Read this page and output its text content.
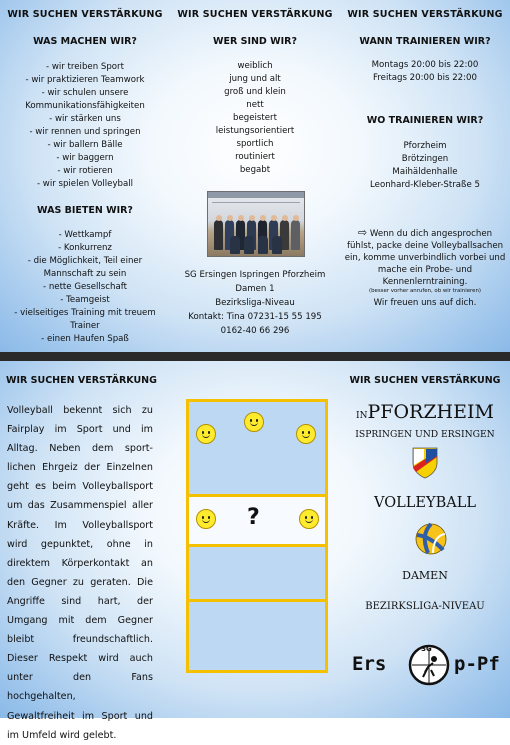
WIR SUCHEN VERSTÄRKUNG
WAS MACHEN WIR?
- wir treiben Sport
- wir praktizieren Teamwork
- wir schulen unsere
Kommunikationsfähigkeiten
- wir stärken uns
- wir rennen und springen
- wir ballern Bälle
- wir baggern
- wir rotieren
- wir spielen Volleyball
WAS BIETEN WIR?
- Wettkampf
- Konkurrenz
- die Möglichkeit, Teil einer
Mannschaft zu sein
- nette Gesellschaft
- Teamgeist
- vielseitiges Training mit treuem
Trainer
- einen Haufen Spaß
WIR SUCHEN VERSTÄRKUNG
WER SIND WIR?
weiblich
jung und alt
groß und klein
nett
begeistert
leistungsorientiert
sportlich
routiniert
begabt
SG Ersingen Ispringen Pforzheim
Damen 1
Bezirksliga-Niveau
Kontakt: Tina 07231-15 55 195
0162-40 66 296
WIR SUCHEN VERSTÄRKUNG
WANN TRAINIEREN WIR?
Montags 20:00 bis 22:00
Freitags 20:00 bis 22:00
WO TRAINIEREN WIR?
Pforzheim
Brötzingen
Maihäldenhalle
Leonhard-Kleber-Straße 5
⇨ Wenn du dich angesprochen
fühlst, packe deine Volleyballsachen
ein, komme unverbindlich vorbei und
mache ein Probe- und
Kennenlerntraining.
(besser vorher anrufen, ob wir trainieren)
Wir freuen uns auf dich.
WIR SUCHEN VERSTÄRKUNG
Volleyball bekennt sich zu
Fairplay im Sport und im
Alltag. Neben dem sport-
lichen Ehrgeiz der Einzelnen
geht es beim Volleyballsport
um das Zusammenspiel aller
Kräfte. Im Volleyballsport
wird gepunktet, ohne in
direktem Körperkontakt an
den Gegner zu geraten. Die
Angriffe sind hart, der
Umgang mit dem Gegner
bleibt freundschaftlich.
Dieser Respekt wird auch
unter den Fans
hochgehalten,
Gewaltfreiheit im Sport und
im Umfeld wird gelebt.
?
WIR SUCHEN VERSTÄRKUNG
INPFORZHEIM
ISPRINGEN UND ERSINGEN
VOLLEYBALL
DAMEN
BEZIRKSLIGA-NIVEAU
Ers
SG
p-Pf
